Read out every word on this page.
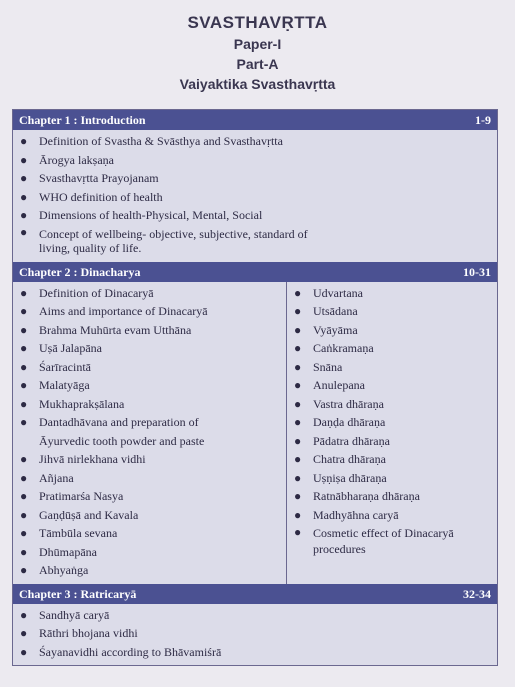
SVASTHAVṚTTA
Paper-I
Part-A
Vaiyaktika Svasthavṛtta
Chapter 1 : Introduction	1-9
● Definition of Svastha & Svāsthya and Svasthavṛtta
● Ārogya lakṣaṇa
● Svasthavṛtta Prayojanam
● WHO definition of health
● Dimensions of health-Physical, Mental, Social
● Concept of wellbeing- objective, subjective, standard of living, quality of life.
Chapter 2 : Dinacharya	10-31
● Definition of Dinacaryā
● Aims and importance of Dinacaryā
● Brahma Muhūrta evam Utthāna
● Uṣā Jalapāna
● Śarīracintā
● Malatyāga
● Mukhaprakṣālana
● Dantadhāvana and preparation of
Āyurvedic tooth powder and paste
● Jihvā nirlekhana vidhi
● Añjana
● Pratimarśa Nasya
● Gaṇḍūṣā and Kavala
● Tāmbūla sevana
● Dhūmapāna
● Abhyaṅga
● Udvartana
● Utsādana
● Vyāyāma
● Caṅkramaṇa
● Snāna
● Anulepana
● Vastra dhāraṇa
● Daṇḍa dhāraṇa
● Pādatra dhāraṇa
● Chatra dhāraṇa
● Uṣṇiṣa dhāraṇa
● Ratnābharaṇa dhāraṇa
● Madhyāhna caryā
● Cosmetic effect of Dinacaryā procedures
Chapter 3 : Ratricaryā	32-34
● Sandhyā caryā
● Rāthri bhojana vidhi
● Śayanavidhi according to Bhāvamiśrā
